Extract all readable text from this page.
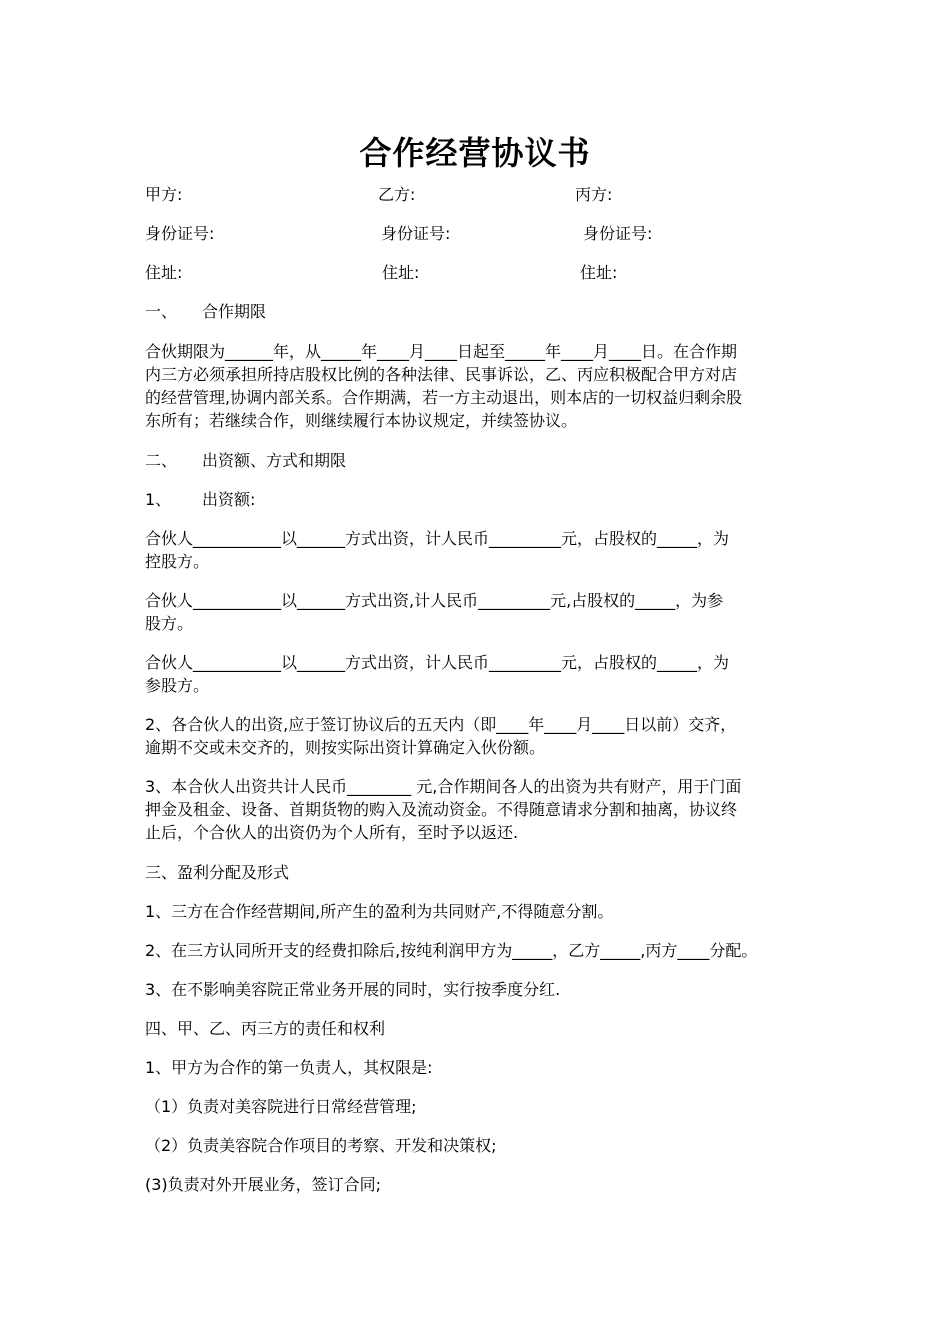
合作经营协议书
甲方:	乙方:	丙方:
身份证号:	身份证号:	身份证号:
住址:	住址:	住址:
一、 合作期限
合伙期限为______年，从_____年____月____日起至_____年____月____日。在合作期
内三方必须承担所持店股权比例的各种法律、民事诉讼，乙、丙应积极配合甲方对店
的经营管理,协调内部关系。合作期满，若一方主动退出，则本店的一切权益归剩余股
东所有；若继续合作，则继续履行本协议规定，并续签协议。
二、 出资额、方式和期限
1、 出资额:
合伙人___________以______方式出资，计人民币_________元，占股权的_____，为
控股方。
合伙人___________以______方式出资,计人民币_________元,占股权的_____，为参
股方。
合伙人___________以______方式出资，计人民币_________元，占股权的_____，为
参股方。
2、各合伙人的出资,应于签订协议后的五天内（即____年____月____日以前）交齐，
逾期不交或未交齐的，则按实际出资计算确定入伙份额。
3、本合伙人出资共计人民币________ 元,合作期间各人的出资为共有财产，用于门面
押金及租金、设备、首期货物的购入及流动资金。不得随意请求分割和抽离，协议终
止后，个合伙人的出资仍为个人所有，至时予以返还.
三、盈利分配及形式
1、三方在合作经营期间,所产生的盈利为共同财产,不得随意分割。
2、在三方认同所开支的经费扣除后,按纯利润甲方为_____，乙方_____,丙方____分配。
3、在不影响美容院正常业务开展的同时，实行按季度分红.
四、甲、乙、丙三方的责任和权利
1、甲方为合作的第一负责人，其权限是:
（1）负责对美容院进行日常经营管理;
（2）负责美容院合作项目的考察、开发和决策权;
(3)负责对外开展业务，签订合同;
